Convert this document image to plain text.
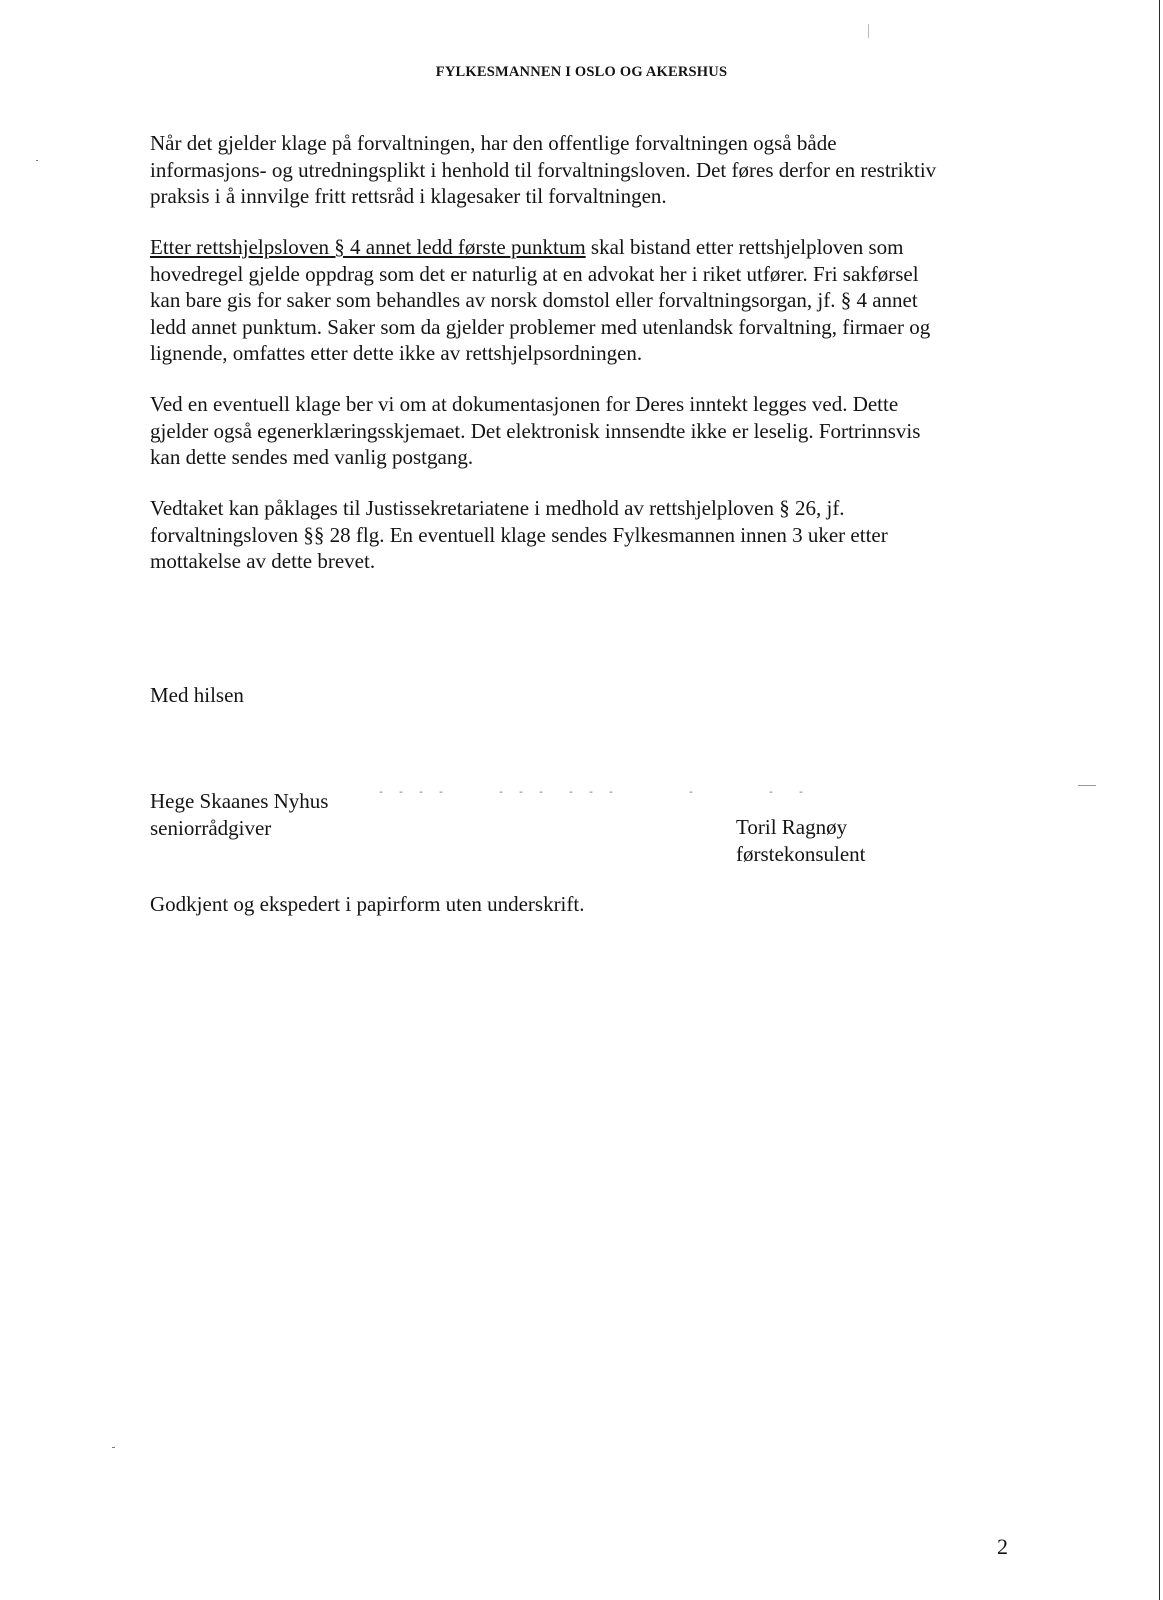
FYLKESMANNEN I OSLO OG AKERSHUS

Når det gjelder klage på forvaltningen, har den offentlige forvaltningen også både
informasjons- og utredningsplikt i henhold til forvaltningsloven. Det føres derfor en restriktiv
praksis i å innvilge fritt rettsråd i klagesaker til forvaltningen.

Etter rettshjelpsloven § 4 annet ledd første punktum skal bistand etter rettshjelploven som
hovedregel gjelde oppdrag som det er naturlig at en advokat her i riket utfører. Fri sakførsel
kan bare gis for saker som behandles av norsk domstol eller forvaltningsorgan, jf. § 4 annet
ledd annet punktum. Saker som da gjelder problemer med utenlandsk forvaltning, firmaer og
lignende, omfattes etter dette ikke av rettshjelpsordningen.

Ved en eventuell klage ber vi om at dokumentasjonen for Deres inntekt legges ved. Dette
gjelder også egenerklæringsskjemaet. Det elektronisk innsendte ikke er leselig. Fortrinnsvis
kan dette sendes med vanlig postgang.

Vedtaket kan påklages til Justissekretariatene i medhold av rettshjelploven § 26, jf.
forvaltningsloven §§ 28 flg. En eventuell klage sendes Fylkesmannen innen 3 uker etter
mottakelse av dette brevet.

Med hilsen
Hege Skaanes Nyhus
seniorrådgiver
- - - -     - - -  - - -       -       -  -
Toril Ragnøy
førstekonsulent
Godkjent og ekspedert i papirform uten underskrift.
2
